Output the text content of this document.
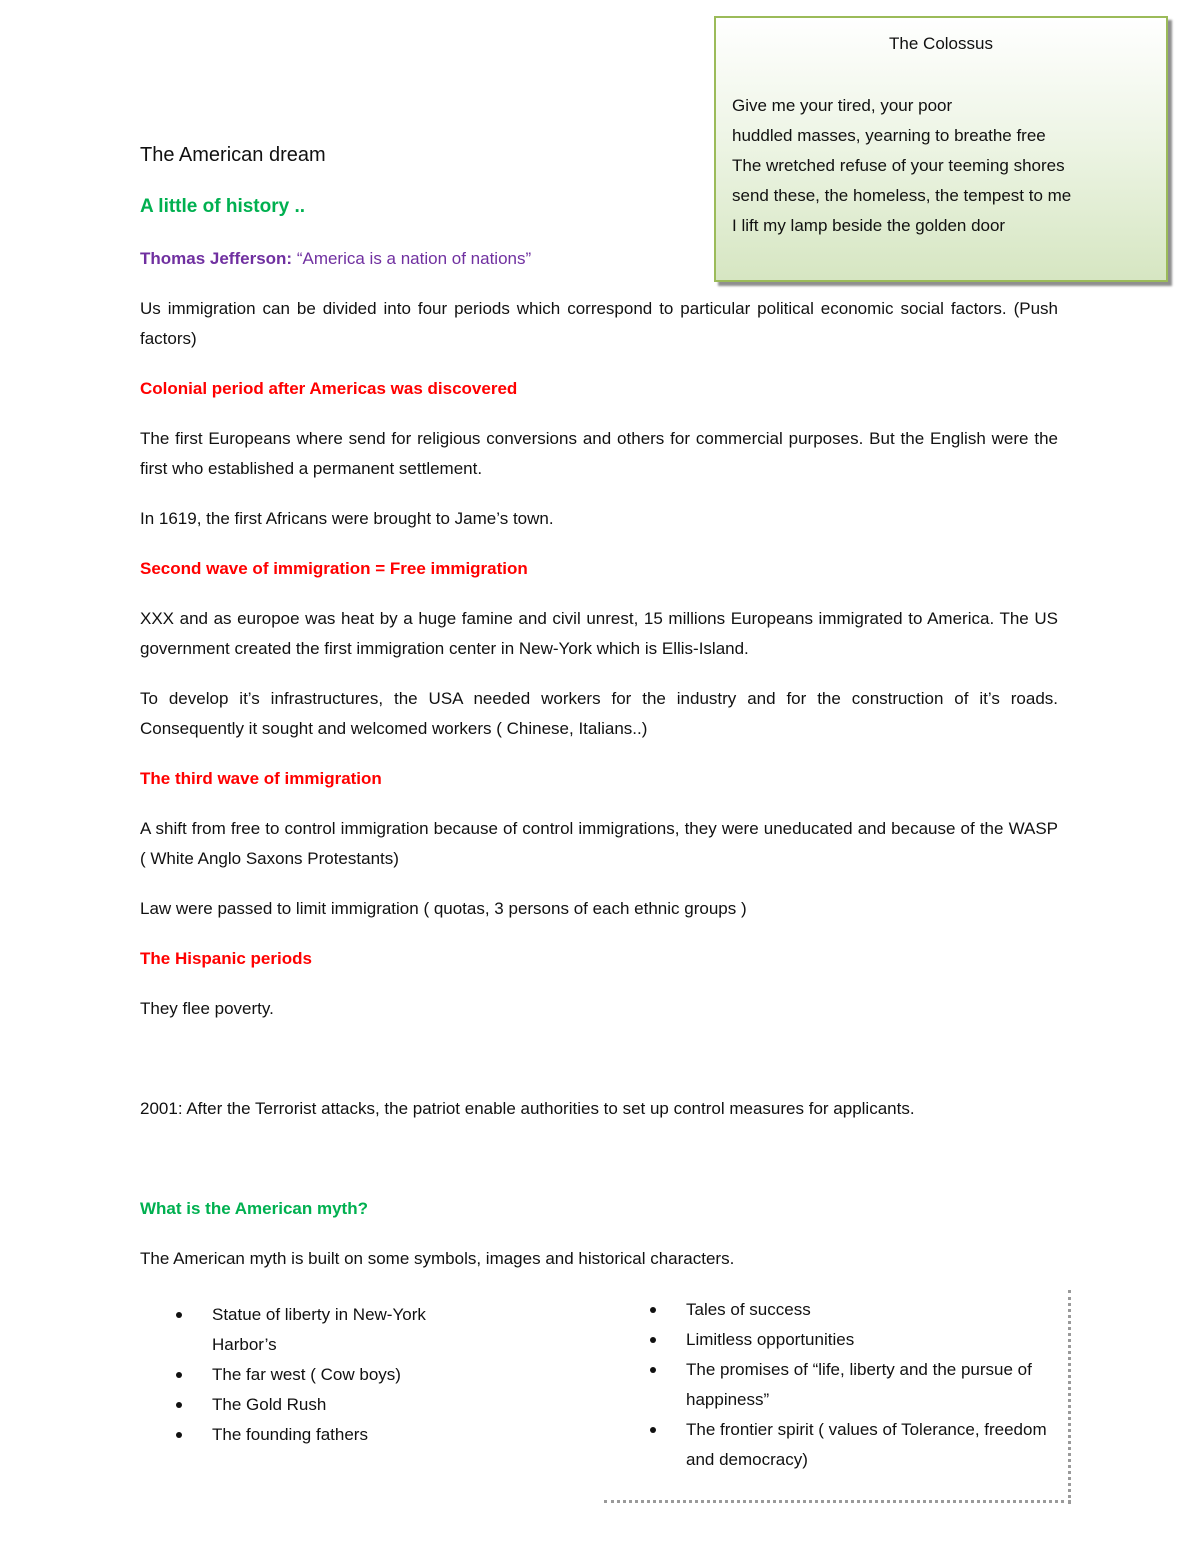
The Colossus
Give me your tired, your poor
huddled masses, yearning to breathe free
The wretched refuse of your teeming shores
send these, the homeless, the tempest to me
I lift my lamp beside the golden door
The American dream
A little of history ..
Thomas Jefferson: “America is a nation of nations”
Us immigration can be divided into four periods which correspond to particular political economic social factors. (Push factors)
Colonial period after Americas was discovered
The first Europeans where send for religious conversions and others for commercial purposes. But the English were the first who established a permanent settlement.
In 1619, the first Africans were brought to Jame’s town.
Second wave of immigration = Free immigration
XXX and as europoe was heat by a huge famine and civil unrest, 15 millions Europeans immigrated to America. The US government created the first immigration center in New-York which is Ellis-Island.
To develop it’s infrastructures, the USA needed workers for the industry and for the construction of it’s roads. Consequently it sought and welcomed workers ( Chinese, Italians..)
The third wave of immigration
A shift from free to control immigration because of control immigrations, they were uneducated and because of the WASP ( White Anglo Saxons Protestants)
Law were passed to limit immigration ( quotas, 3 persons of each ethnic groups )
The Hispanic periods
They flee poverty.
2001: After the Terrorist attacks, the patriot enable authorities to set up control measures for applicants.
What is the American myth?
The American myth is built on some symbols, images and historical characters.
Statue of liberty in New-York Harbor’s
The far west ( Cow boys)
The Gold Rush
The founding fathers
Tales of success
Limitless opportunities
The promises of “life, liberty and the pursue of happiness”
The frontier spirit ( values of Tolerance, freedom and democracy)
